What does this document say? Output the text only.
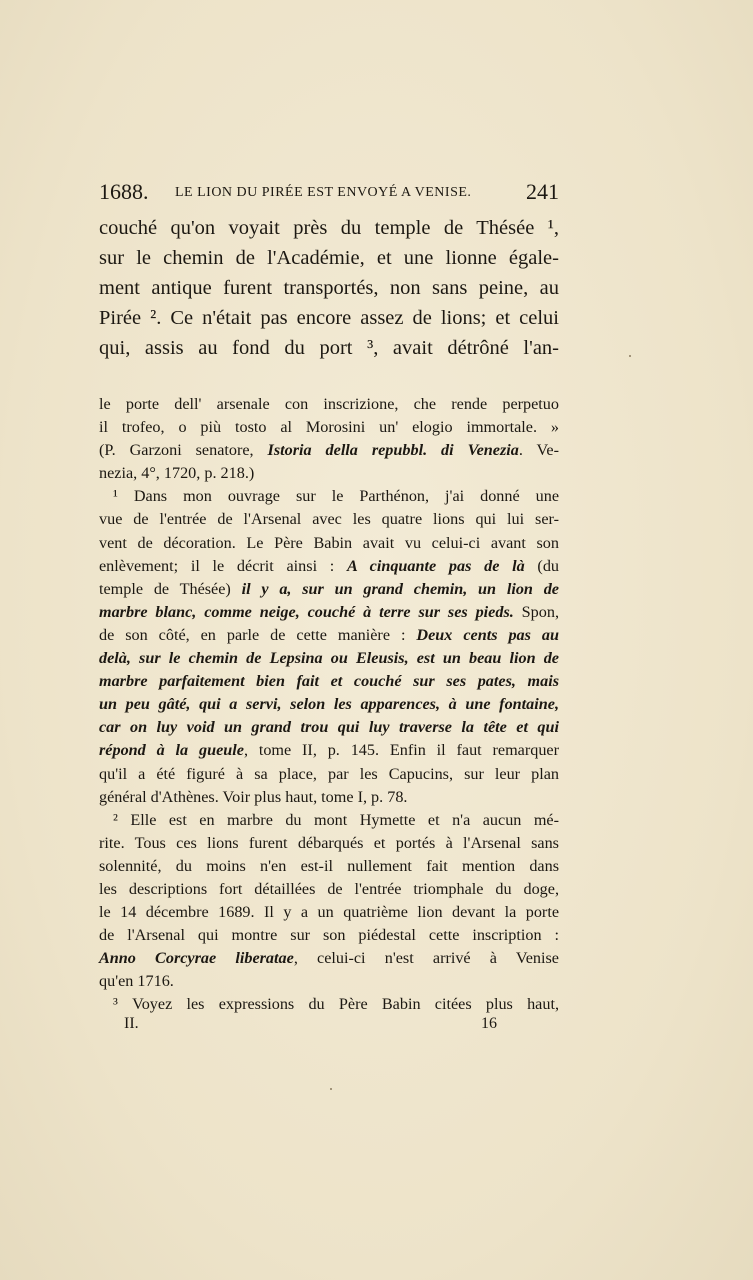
1688. LE LION DU PIRÉE EST ENVOYÉ A VENISE. 241
couché qu'on voyait près du temple de Thésée ¹,
sur le chemin de l'Académie, et une lionne égale-
ment antique furent transportés, non sans peine, au
Pirée ². Ce n'était pas encore assez de lions; et celui
qui, assis au fond du port ³, avait détrôné l'an-
le porte dell' arsenale con inscrizione, che rende perpetuo
il trofeo, o più tosto al Morosini un' elogio immortale. »
(P. Garzoni senatore, Istoria della repubbl. di Venezia. Ve-
nezia, 4°, 1720, p. 218.)
¹ Dans mon ouvrage sur le Parthénon, j'ai donné une
vue de l'entrée de l'Arsenal avec les quatre lions qui lui ser-
vent de décoration. Le Père Babin avait vu celui-ci avant son
enlèvement; il le décrit ainsi : A cinquante pas de là (du
temple de Thésée) il y a, sur un grand chemin, un lion de
marbre blanc, comme neige, couché à terre sur ses pieds. Spon,
de son côté, en parle de cette manière : Deux cents pas au
delà, sur le chemin de Lepsina ou Eleusis, est un beau lion de
marbre parfaitement bien fait et couché sur ses pates, mais
un peu gâté, qui a servi, selon les apparences, à une fontaine,
car on luy void un grand trou qui luy traverse la tête et qui
répond à la gueule, tome II, p. 145. Enfin il faut remarquer
qu'il a été figuré à sa place, par les Capucins, sur leur plan
général d'Athènes. Voir plus haut, tome I, p. 78.
² Elle est en marbre du mont Hymette et n'a aucun mé-
rite. Tous ces lions furent débarqués et portés à l'Arsenal sans
solennité, du moins n'en est-il nullement fait mention dans
les descriptions fort détaillées de l'entrée triomphale du doge,
le 14 décembre 1689. Il y a un quatrième lion devant la porte
de l'Arsenal qui montre sur son piédestal cette inscription :
Anno Corcyrae liberatae, celui-ci n'est arrivé à Venise
qu'en 1716.
³ Voyez les expressions du Père Babin citées plus haut,
II.	16
